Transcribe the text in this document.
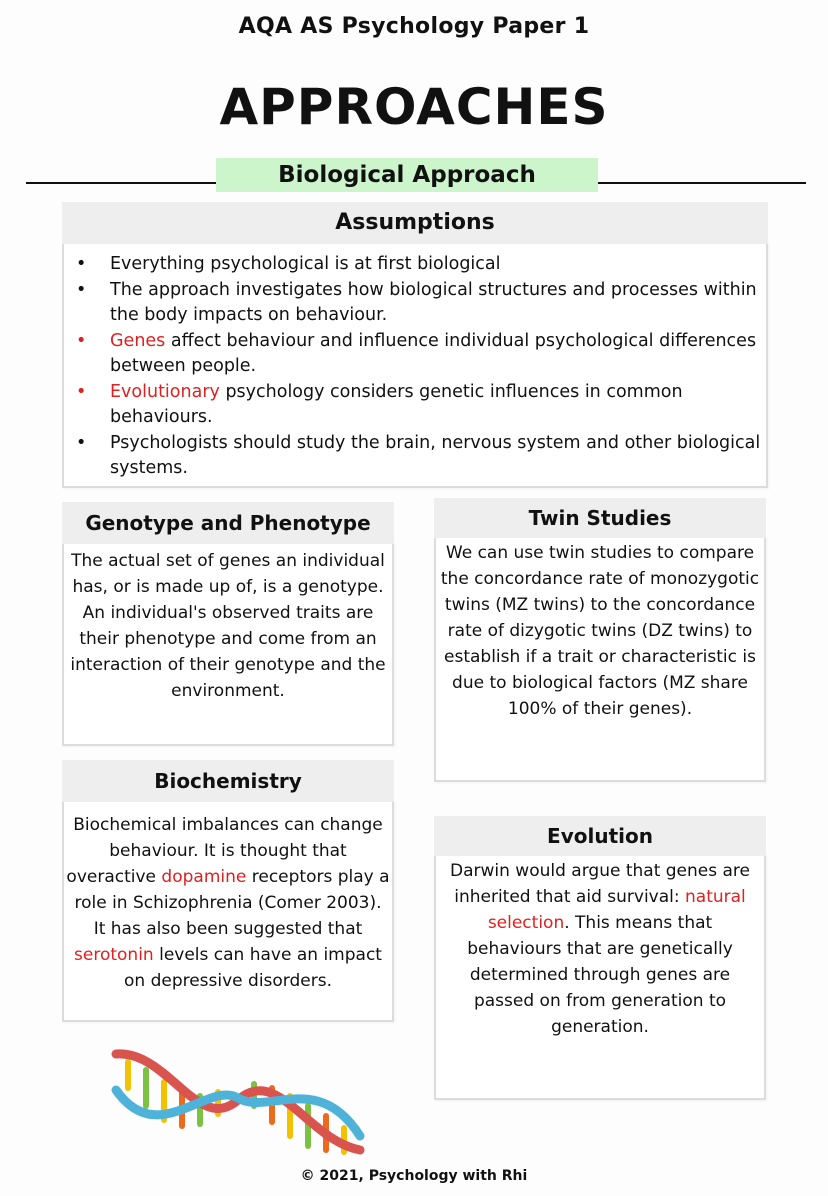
AQA AS Psychology Paper 1
APPROACHES
Biological Approach
Assumptions
• Everything psychological is at first biological
• The approach investigates how biological structures and processes within the body impacts on behaviour.
• Genes affect behaviour and influence individual psychological differences between people.
• Evolutionary psychology considers genetic influences in common behaviours.
• Psychologists should study the brain, nervous system and other biological systems.
Genotype and Phenotype
The actual set of genes an individual has, or is made up of, is a genotype. An individual's observed traits are their phenotype and come from an interaction of their genotype and the environment.
Twin Studies
We can use twin studies to compare the concordance rate of monozygotic twins (MZ twins) to the concordance rate of dizygotic twins (DZ twins) to establish if a trait or characteristic is due to biological factors (MZ share 100% of their genes).
Biochemistry
Biochemical imbalances can change behaviour. It is thought that overactive dopamine receptors play a role in Schizophrenia (Comer 2003). It has also been suggested that serotonin levels can have an impact on depressive disorders.
Evolution
Darwin would argue that genes are inherited that aid survival: natural selection. This means that behaviours that are genetically determined through genes are passed on from generation to generation.
© 2021, Psychology with Rhi
